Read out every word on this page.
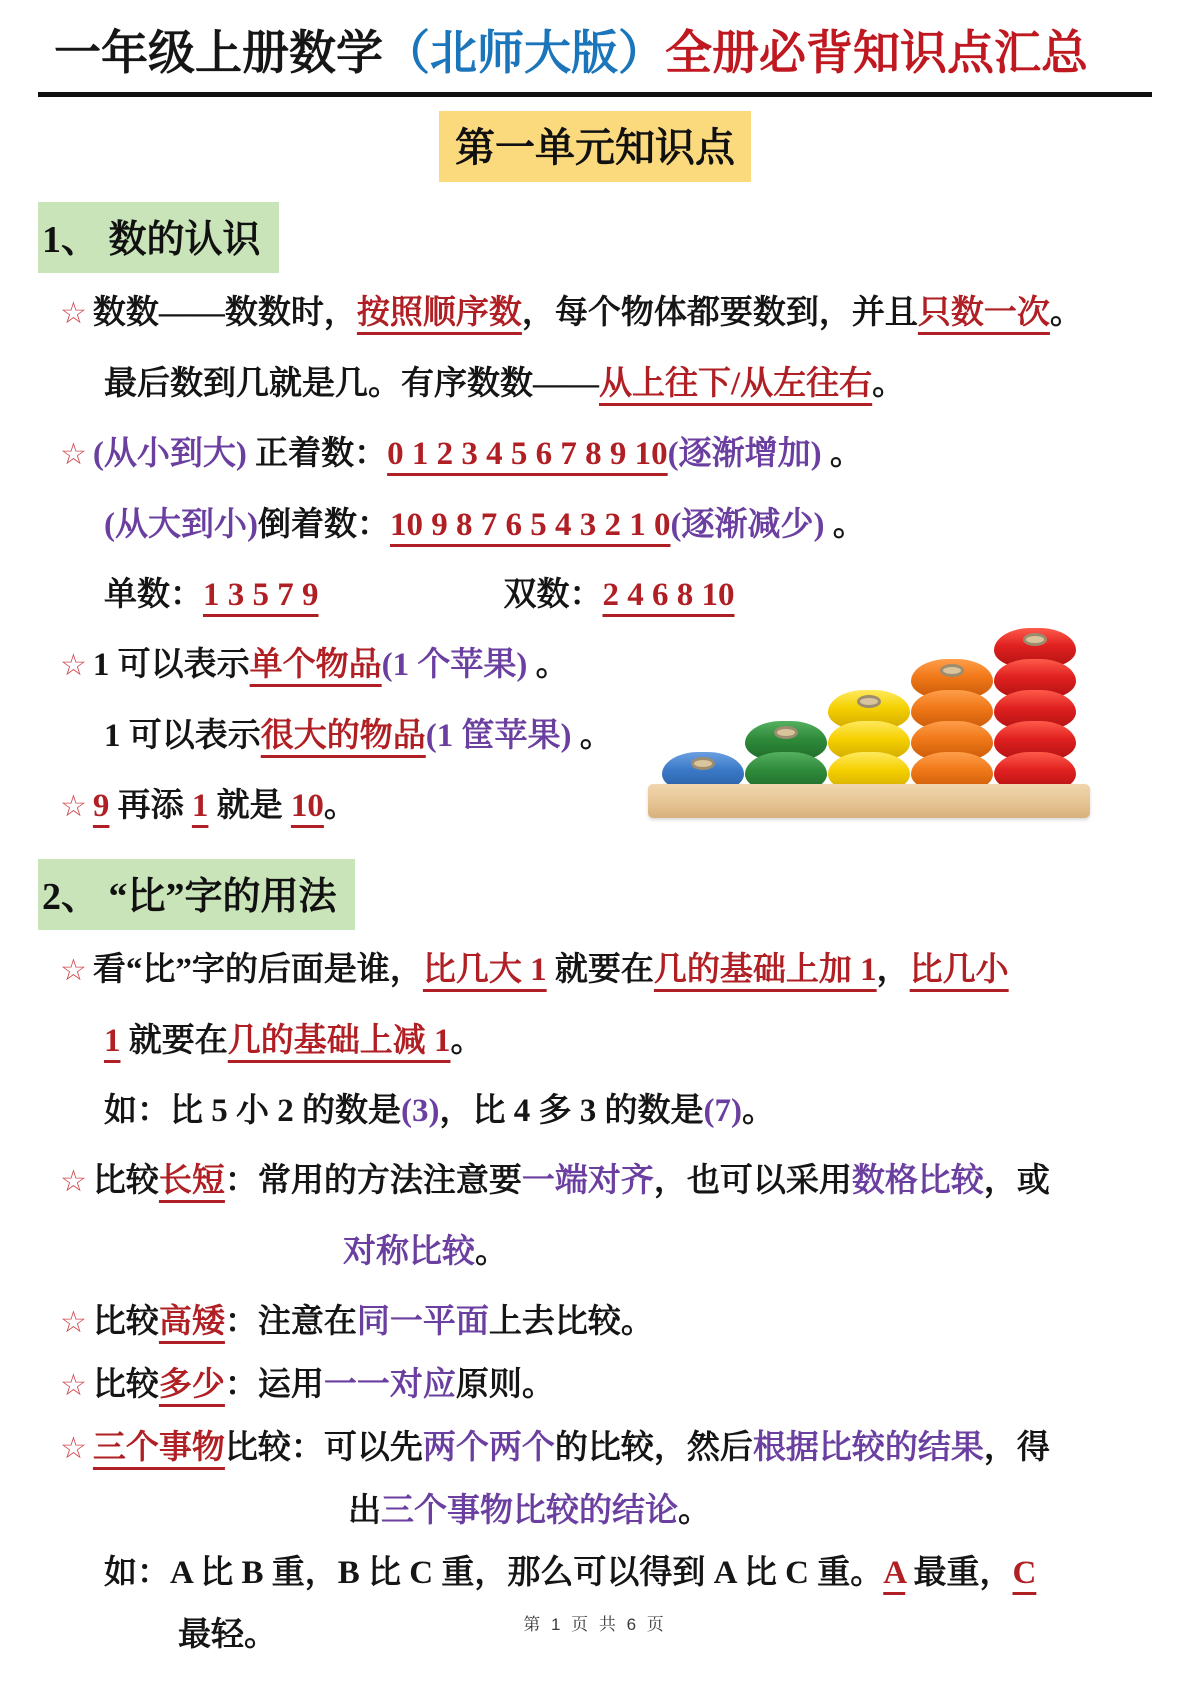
一年级上册数学（北师大版）全册必背知识点汇总
第一单元知识点
1、 数的认识
☆ 数数——数数时，按照顺序数，每个物体都要数到，并且只数一次。
最后数到几就是几。有序数数——从上往下/从左往右。
☆ (从小到大) 正着数：0 1 2 3 4 5 6 7 8 9 10(逐渐增加) 。
(从大到小)倒着数：10 9 8 7 6 5 4 3 2 1 0(逐渐减少) 。
单数：1 3 5 7 9	双数：2 4 6 8 10
☆ 1 可以表示单个物品(1 个苹果) 。
1 可以表示很大的物品(1 筐苹果) 。
☆ 9 再添 1 就是 10。
2、 “比”字的用法
☆ 看“比”字的后面是谁，比几大 1 就要在几的基础上加 1，比几小
1 就要在几的基础上减 1。
如：比 5 小 2 的数是(3)，比 4 多 3 的数是(7)。
☆ 比较长短：常用的方法注意要一端对齐，也可以采用数格比较，或
对称比较。
☆ 比较高矮：注意在同一平面上去比较。
☆ 比较多少：运用一一对应原则。
☆ 三个事物比较：可以先两个两个的比较，然后根据比较的结果，得
出三个事物比较的结论。
如：A 比 B 重，B 比 C 重，那么可以得到 A 比 C 重。A 最重，C
最轻。	第 1 页 共 6 页
